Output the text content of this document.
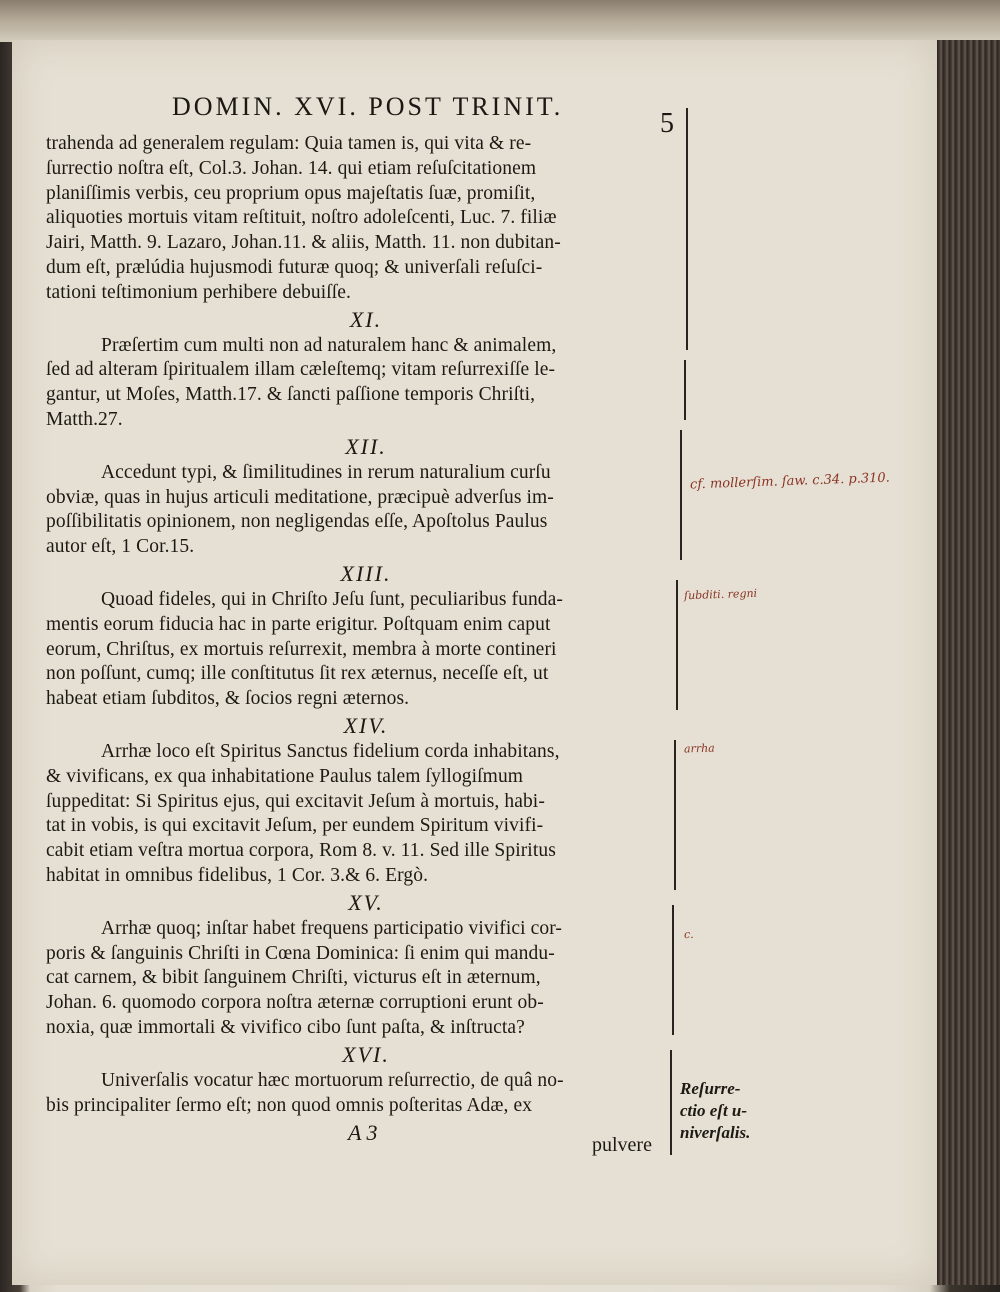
DOMIN. XVI. POST TRINIT.
5
trahenda ad generalem regulam: Quia tamen is, qui vita & re-
ſurrectio noſtra eſt, Col.3. Johan. 14. qui etiam reſuſcitationem
planiſſimis verbis, ceu proprium opus majeſtatis ſuæ, promiſit,
aliquoties mortuis vitam reſtituit, noſtro adoleſcenti, Luc. 7. filiæ
Jairi, Matth. 9. Lazaro, Johan.11. & aliis, Matth. 11. non dubitan-
dum eſt, prælúdia hujusmodi futuræ quoq; & univerſali reſuſci-
tationi teſtimonium perhibere debuiſſe.
XI.
Præſertim cum multi non ad naturalem hanc & animalem,
ſed ad alteram ſpiritualem illam cæleſtemq; vitam reſurrexiſſe le-
gantur, ut Moſes, Matth.17. & ſancti paſſione temporis Chriſti,
Matth.27.
XII.
Accedunt typi, & ſimilitudines in rerum naturalium curſu
obviæ, quas in hujus articuli meditatione, præcipuè adverſus im-
poſſibilitatis opinionem, non negligendas eſſe, Apoſtolus Paulus
autor eſt, 1 Cor.15.
XIII.
Quoad fideles, qui in Chriſto Jeſu ſunt, peculiaribus funda-
mentis eorum fiducia hac in parte erigitur. Poſtquam enim caput
eorum, Chriſtus, ex mortuis reſurrexit, membra à morte contineri
non poſſunt, cumq; ille conſtitutus ſit rex æternus, neceſſe eſt, ut
habeat etiam ſubditos, & ſocios regni æternos.
XIV.
Arrhæ loco eſt Spiritus Sanctus fidelium corda inhabitans,
& vivificans, ex qua inhabitatione Paulus talem ſyllogiſmum
ſuppeditat: Si Spiritus ejus, qui excitavit Jeſum à mortuis, habi-
tat in vobis, is qui excitavit Jeſum, per eundem Spiritum vivifi-
cabit etiam veſtra mortua corpora, Rom 8. v. 11. Sed ille Spiritus
habitat in omnibus fidelibus, 1 Cor. 3.& 6. Ergò.
XV.
Arrhæ quoq; inſtar habet frequens participatio vivifici cor-
poris & ſanguinis Chriſti in Cœna Dominica: ſi enim qui mandu-
cat carnem, & bibit ſanguinem Chriſti, victurus eſt in æternum,
Johan. 6. quomodo corpora noſtra æternæ corruptioni erunt ob-
noxia, quæ immortali & vivifico cibo ſunt paſta, & inſtructa?
XVI.
Univerſalis vocatur hæc mortuorum reſurrectio, de quâ no-
bis principaliter ſermo eſt; non quod omnis poſteritas Adæ, ex
cf. mollerſim. ſaw. c.34. p.310.
ſubditi. regni
arrha
c.
Reſurre-
ctio eſt u-
niverſalis.
A 3	pulvere
